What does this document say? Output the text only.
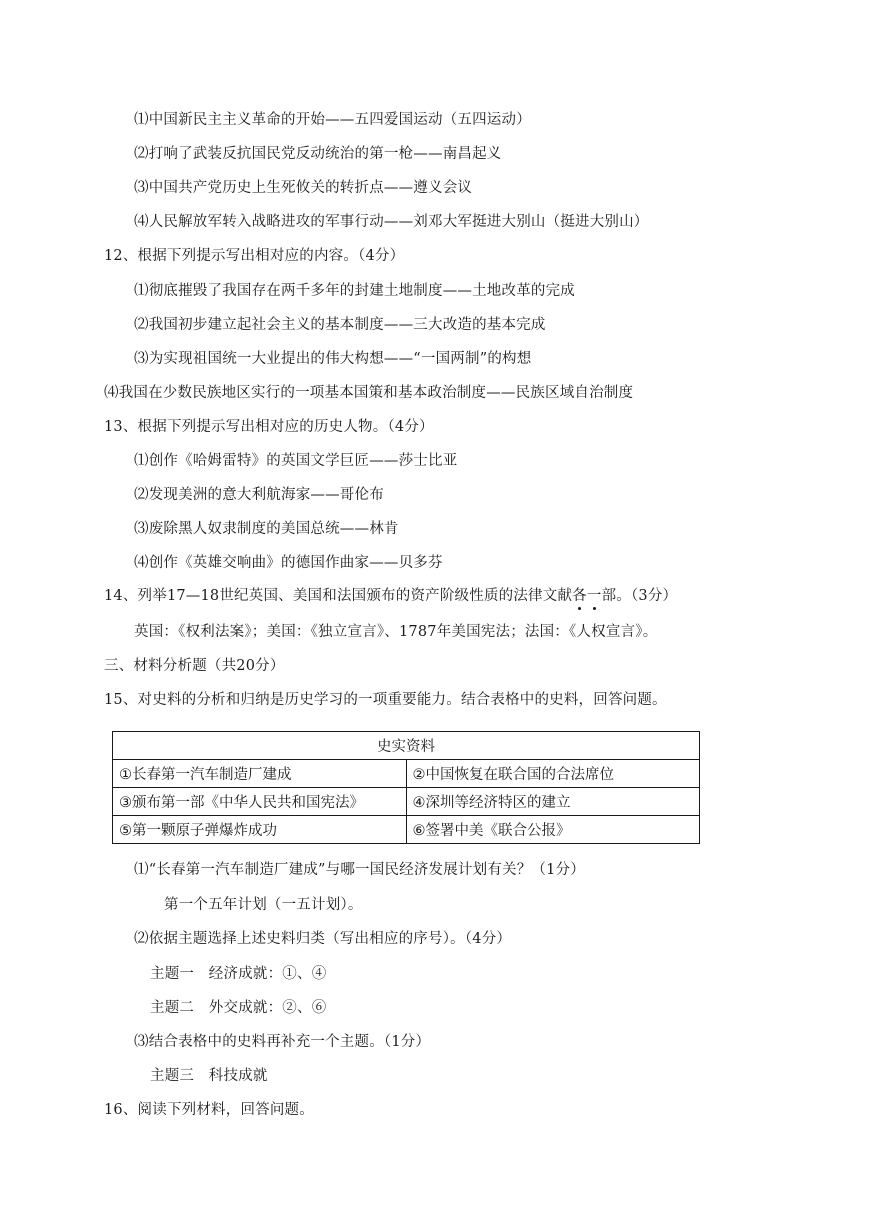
⑴中国新民主主义革命的开始——五四爱国运动（五四运动）
⑵打响了武装反抗国民党反动统治的第一枪——南昌起义
⑶中国共产党历史上生死攸关的转折点——遵义会议
⑷人民解放军转入战略进攻的军事行动——刘邓大军挺进大别山（挺进大别山）
12、根据下列提示写出相对应的内容。（4分）
⑴彻底摧毁了我国存在两千多年的封建土地制度——土地改革的完成
⑵我国初步建立起社会主义的基本制度——三大改造的基本完成
⑶为实现祖国统一大业提出的伟大构想——“一国两制”的构想
⑷我国在少数民族地区实行的一项基本国策和基本政治制度——民族区域自治制度
13、根据下列提示写出相对应的历史人物。（4分）
⑴创作《哈姆雷特》的英国文学巨匠——莎士比亚
⑵发现美洲的意大利航海家——哥伦布
⑶废除黑人奴隶制度的美国总统——林肯
⑷创作《英雄交响曲》的德国作曲家——贝多芬
14、列举17—18世纪英国、美国和法国颁布的资产阶级性质的法律文献各一部。（3分）
英国：《权利法案》；美国：《独立宣言》、1787年美国宪法；法国：《人权宣言》。
三、材料分析题（共20分）
15、对史料的分析和归纳是历史学习的一项重要能力。结合表格中的史料，回答问题。
史实资料	
①长春第一汽车制造厂建成	②中国恢复在联合国的合法席位
③颁布第一部《中华人民共和国宪法》	④深圳等经济特区的建立
⑤第一颗原子弹爆炸成功	⑥签署中美《联合公报》
⑴“长春第一汽车制造厂建成”与哪一国民经济发展计划有关？（1分）
第一个五年计划（一五计划）。
⑵依据主题选择上述史料归类（写出相应的序号）。（4分）
主题一　经济成就：①、④
主题二　外交成就：②、⑥
⑶结合表格中的史料再补充一个主题。（1分）
主题三　科技成就
16、阅读下列材料，回答问题。
